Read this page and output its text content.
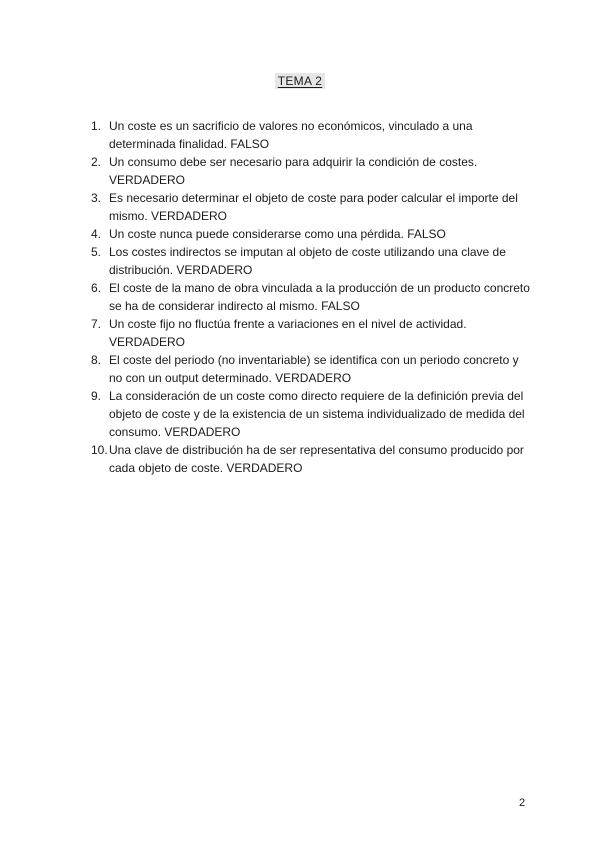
TEMA 2
1. Un coste es un sacrificio de valores no económicos, vinculado a una determinada finalidad. FALSO
2. Un consumo debe ser necesario para adquirir la condición de costes. VERDADERO
3. Es necesario determinar el objeto de coste para poder calcular el importe del mismo. VERDADERO
4. Un coste nunca puede considerarse como una pérdida. FALSO
5. Los costes indirectos se imputan al objeto de coste utilizando una clave de distribución. VERDADERO
6. El coste de la mano de obra vinculada a la producción de un producto concreto se ha de considerar indirecto al mismo. FALSO
7. Un coste fijo no fluctúa frente a variaciones en el nivel de actividad. VERDADERO
8. El coste del periodo (no inventariable) se identifica con un periodo concreto y no con un output determinado. VERDADERO
9. La consideración de un coste como directo requiere de la definición previa del objeto de coste y de la existencia de un sistema individualizado de medida del consumo. VERDADERO
10. Una clave de distribución ha de ser representativa del consumo producido por cada objeto de coste. VERDADERO
2
